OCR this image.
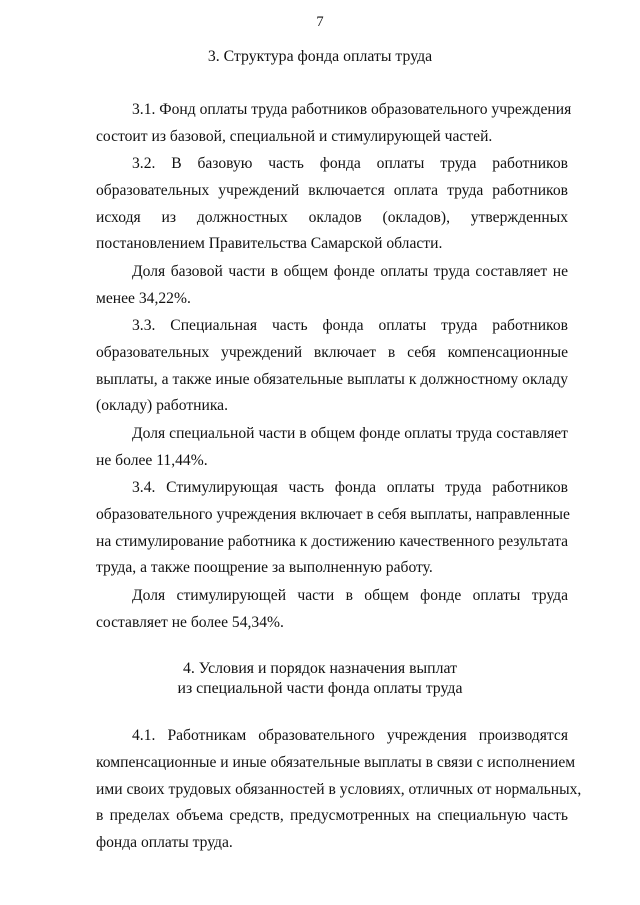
7
3. Структура фонда оплаты труда

3.1. Фонд оплаты труда работников образовательного учреждения
состоит из базовой, специальной и стимулирующей частей.

3.2. В базовую часть фонда оплаты труда работников
образовательных учреждений включается оплата труда работников
исходя из должностных окладов (окладов), утвержденных
постановлением Правительства Самарской области.

Доля базовой части в общем фонде оплаты труда составляет не
менее 34,22%.

3.3. Специальная часть фонда оплаты труда работников
образовательных учреждений включает в себя компенсационные
выплаты, а также иные обязательные выплаты к должностному окладу
(окладу) работника.

Доля специальной части в общем фонде оплаты труда составляет
не более 11,44%.

3.4. Стимулирующая часть фонда оплаты труда работников
образовательного учреждения включает в себя выплаты, направленные
на стимулирование работника к достижению качественного результата
труда, а также поощрение за выполненную работу.

Доля стимулирующей части в общем фонде оплаты труда
составляет не более 54,34%.

4. Условия и порядок назначения выплат
из специальной части фонда оплаты труда

4.1. Работникам образовательного учреждения производятся
компенсационные и иные обязательные выплаты в связи с исполнением
ими своих трудовых обязанностей в условиях, отличных от нормальных,
в пределах объема средств, предусмотренных на специальную часть
фонда оплаты труда.
